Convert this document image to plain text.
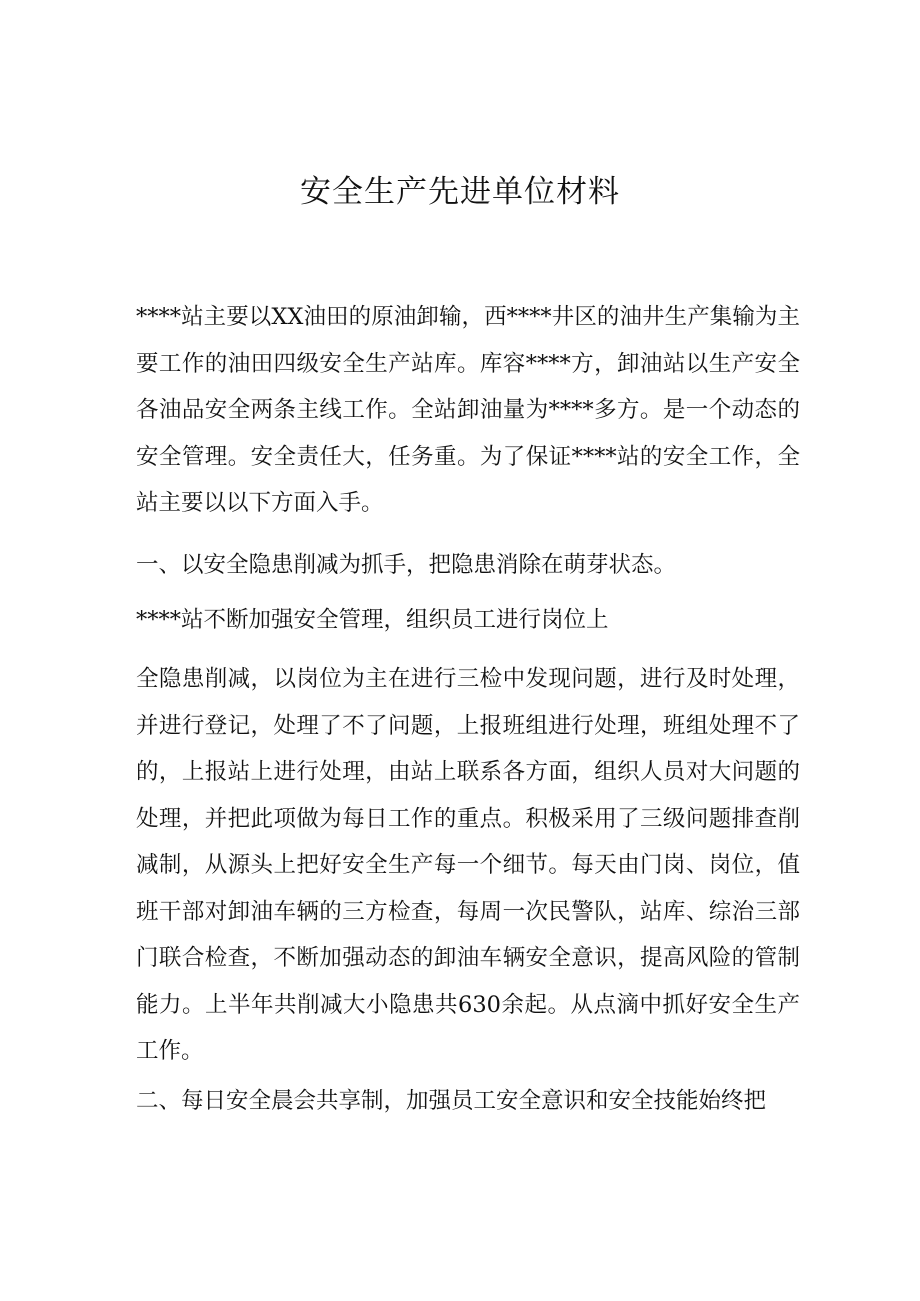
安全生产先进单位材料

****站主要以XX油田的原油卸输，西****井区的油井生产集输为主要工作的油田四级安全生产站库。库容****方，卸油站以生产安全各油品安全两条主线工作。全站卸油量为****多方。是一个动态的安全管理。安全责任大，任务重。为了保证****站的安全工作，全站主要以以下方面入手。

一、以安全隐患削减为抓手，把隐患消除在萌芽状态。

****站不断加强安全管理，组织员工进行岗位上

全隐患削减，以岗位为主在进行三检中发现问题，进行及时处理，并进行登记，处理了不了问题，上报班组进行处理，班组处理不了的，上报站上进行处理，由站上联系各方面，组织人员对大问题的处理，并把此项做为每日工作的重点。积极采用了三级问题排查削减制，从源头上把好安全生产每一个细节。每天由门岗、岗位，值班干部对卸油车辆的三方检查，每周一次民警队，站库、综治三部门联合检查，不断加强动态的卸油车辆安全意识，提高风险的管制能力。上半年共削减大小隐患共630余起。从点滴中抓好安全生产工作。

二、每日安全晨会共享制，加强员工安全意识和安全技能始终把
